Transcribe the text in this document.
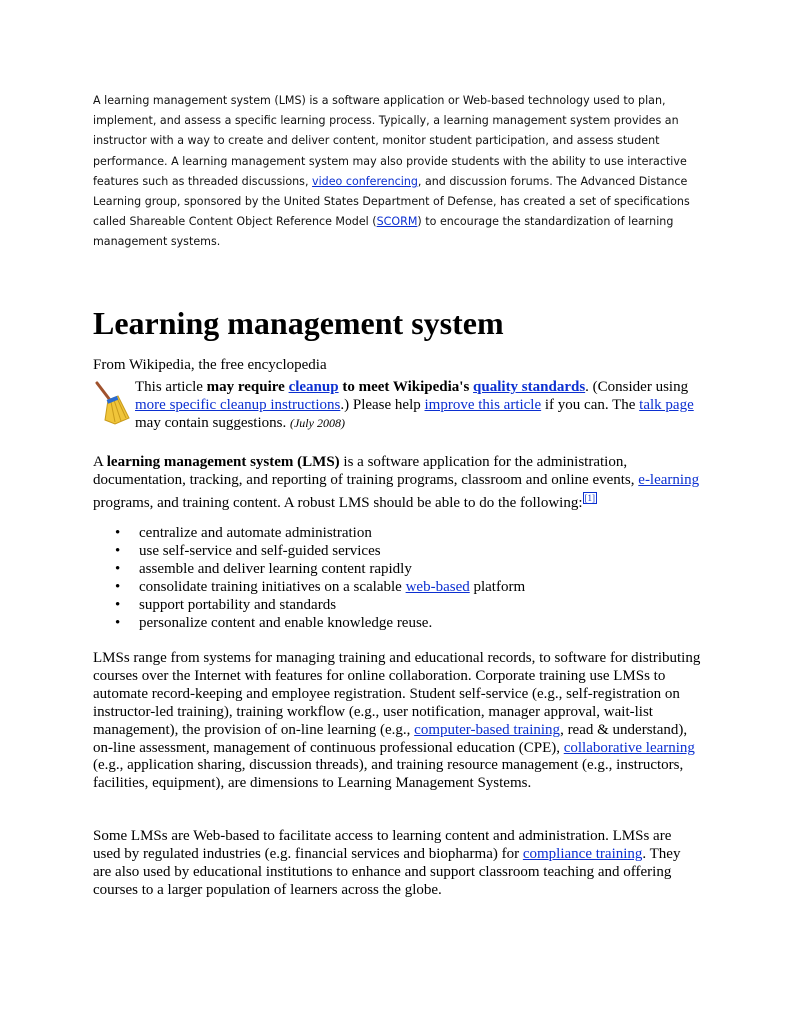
A learning management system (LMS) is a software application or Web-based technology used to plan, implement, and assess a specific learning process. Typically, a learning management system provides an instructor with a way to create and deliver content, monitor student participation, and assess student performance. A learning management system may also provide students with the ability to use interactive features such as threaded discussions, video conferencing, and discussion forums. The Advanced Distance Learning group, sponsored by the United States Department of Defense, has created a set of specifications called Shareable Content Object Reference Model (SCORM) to encourage the standardization of learning management systems.

Learning management system
From Wikipedia, the free encyclopedia
This article may require cleanup to meet Wikipedia's quality standards. (Consider using more specific cleanup instructions.) Please help improve this article if you can. The talk page may contain suggestions. (July 2008)

A learning management system (LMS) is a software application for the administration, documentation, tracking, and reporting of training programs, classroom and online events, e-learning programs, and training content. A robust LMS should be able to do the following: [1]

• centralize and automate administration
• use self-service and self-guided services
• assemble and deliver learning content rapidly
• consolidate training initiatives on a scalable web-based platform
• support portability and standards
• personalize content and enable knowledge reuse.

LMSs range from systems for managing training and educational records, to software for distributing courses over the Internet with features for online collaboration. Corporate training use LMSs to automate record-keeping and employee registration. Student self-service (e.g., self-registration on instructor-led training), training workflow (e.g., user notification, manager approval, wait-list management), the provision of on-line learning (e.g., computer-based training, read & understand), on-line assessment, management of continuous professional education (CPE), collaborative learning (e.g., application sharing, discussion threads), and training resource management (e.g., instructors, facilities, equipment), are dimensions to Learning Management Systems.

Some LMSs are Web-based to facilitate access to learning content and administration. LMSs are used by regulated industries (e.g. financial services and biopharma) for compliance training. They are also used by educational institutions to enhance and support classroom teaching and offering courses to a larger population of learners across the globe.
